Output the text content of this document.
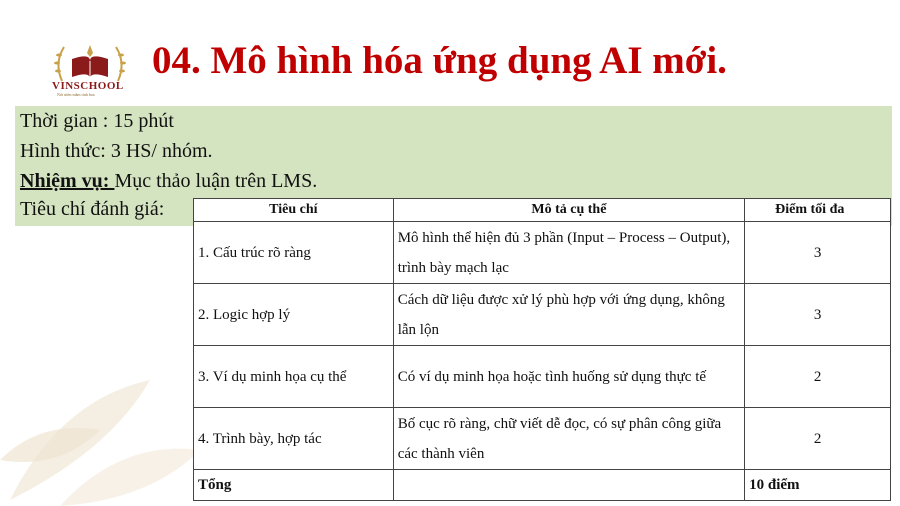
VINSCHOOL
Nơi ươm mầm tinh hoa
04. Mô hình hóa ứng dụng AI mới.
Thời gian : 15 phút
Hình thức: 3 HS/ nhóm.
Nhiệm vụ: Mục thảo luận trên LMS.
Tiêu chí đánh giá:	Tiêu chí	Mô tả cụ thể	Điểm tối đa
1. Cấu trúc rõ ràng	Mô hình thể hiện đủ 3 phần (Input – Process – Output), trình bày mạch lạc	3
2. Logic hợp lý	Cách dữ liệu được xử lý phù hợp với ứng dụng, không lẫn lộn	3
3. Ví dụ minh họa cụ thể	Có ví dụ minh họa hoặc tình huống sử dụng thực tế	2
4. Trình bày, hợp tác	Bố cục rõ ràng, chữ viết dễ đọc, có sự phân công giữa các thành viên	2
Tổng		10 điểm
